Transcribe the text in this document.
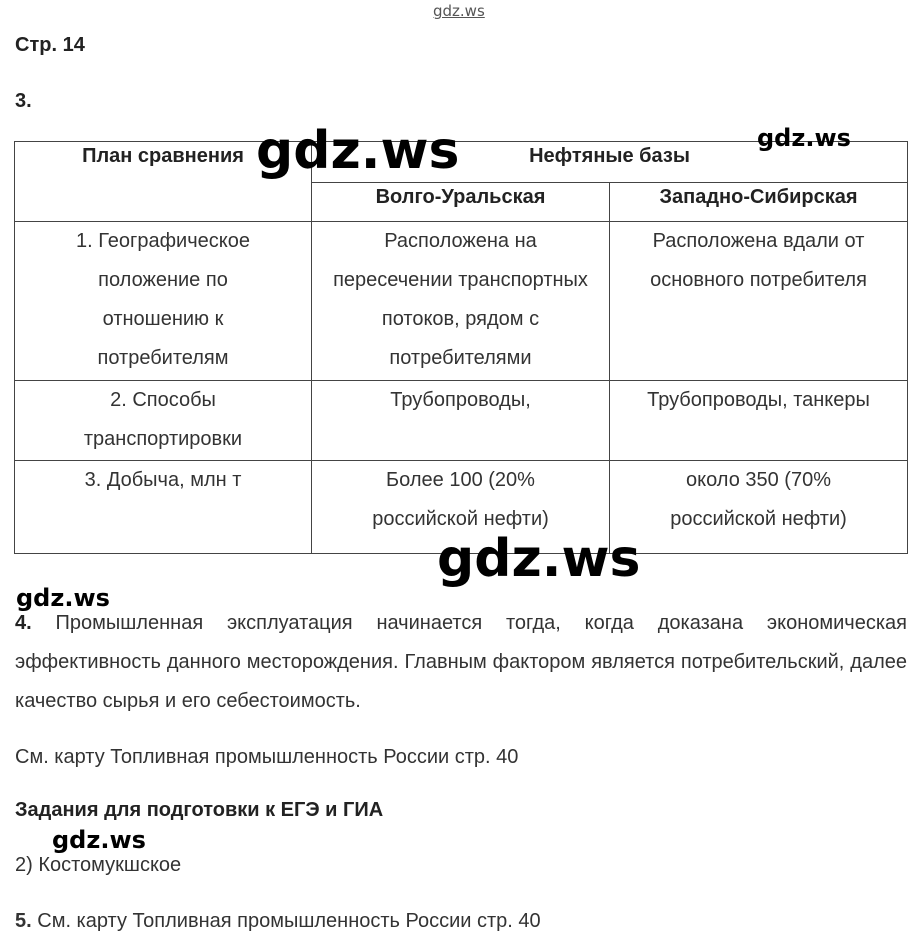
gdz.ws
Стр. 14
3.
План сравнения	Нефтяные базы	
	Волго-Уральская	Западно-Сибирская

1. Географическое положение по отношению к потребителям	Расположена на пересечении транспортных потоков, рядом с потребителями	Расположена вдали от основного потребителя

2. Способы транспортировки	Трубопроводы,	Трубопроводы, танкеры

3. Добыча, млн т	Более 100 (20% российской нефти)	около 350 (70% российской нефти)
4. Промышленная эксплуатация начинается тогда, когда доказана экономическая эффективность данного месторождения. Главным фактором является потребительский, далее качество сырья и его себестоимость.
См. карту Топливная промышленность России стр. 40
Задания для подготовки к ЕГЭ и ГИА
2) Костомукшское
5. См. карту Топливная промышленность России стр. 40
gdz.ws	gdz.ws
gdz.ws
gdz.ws
gdz.ws
